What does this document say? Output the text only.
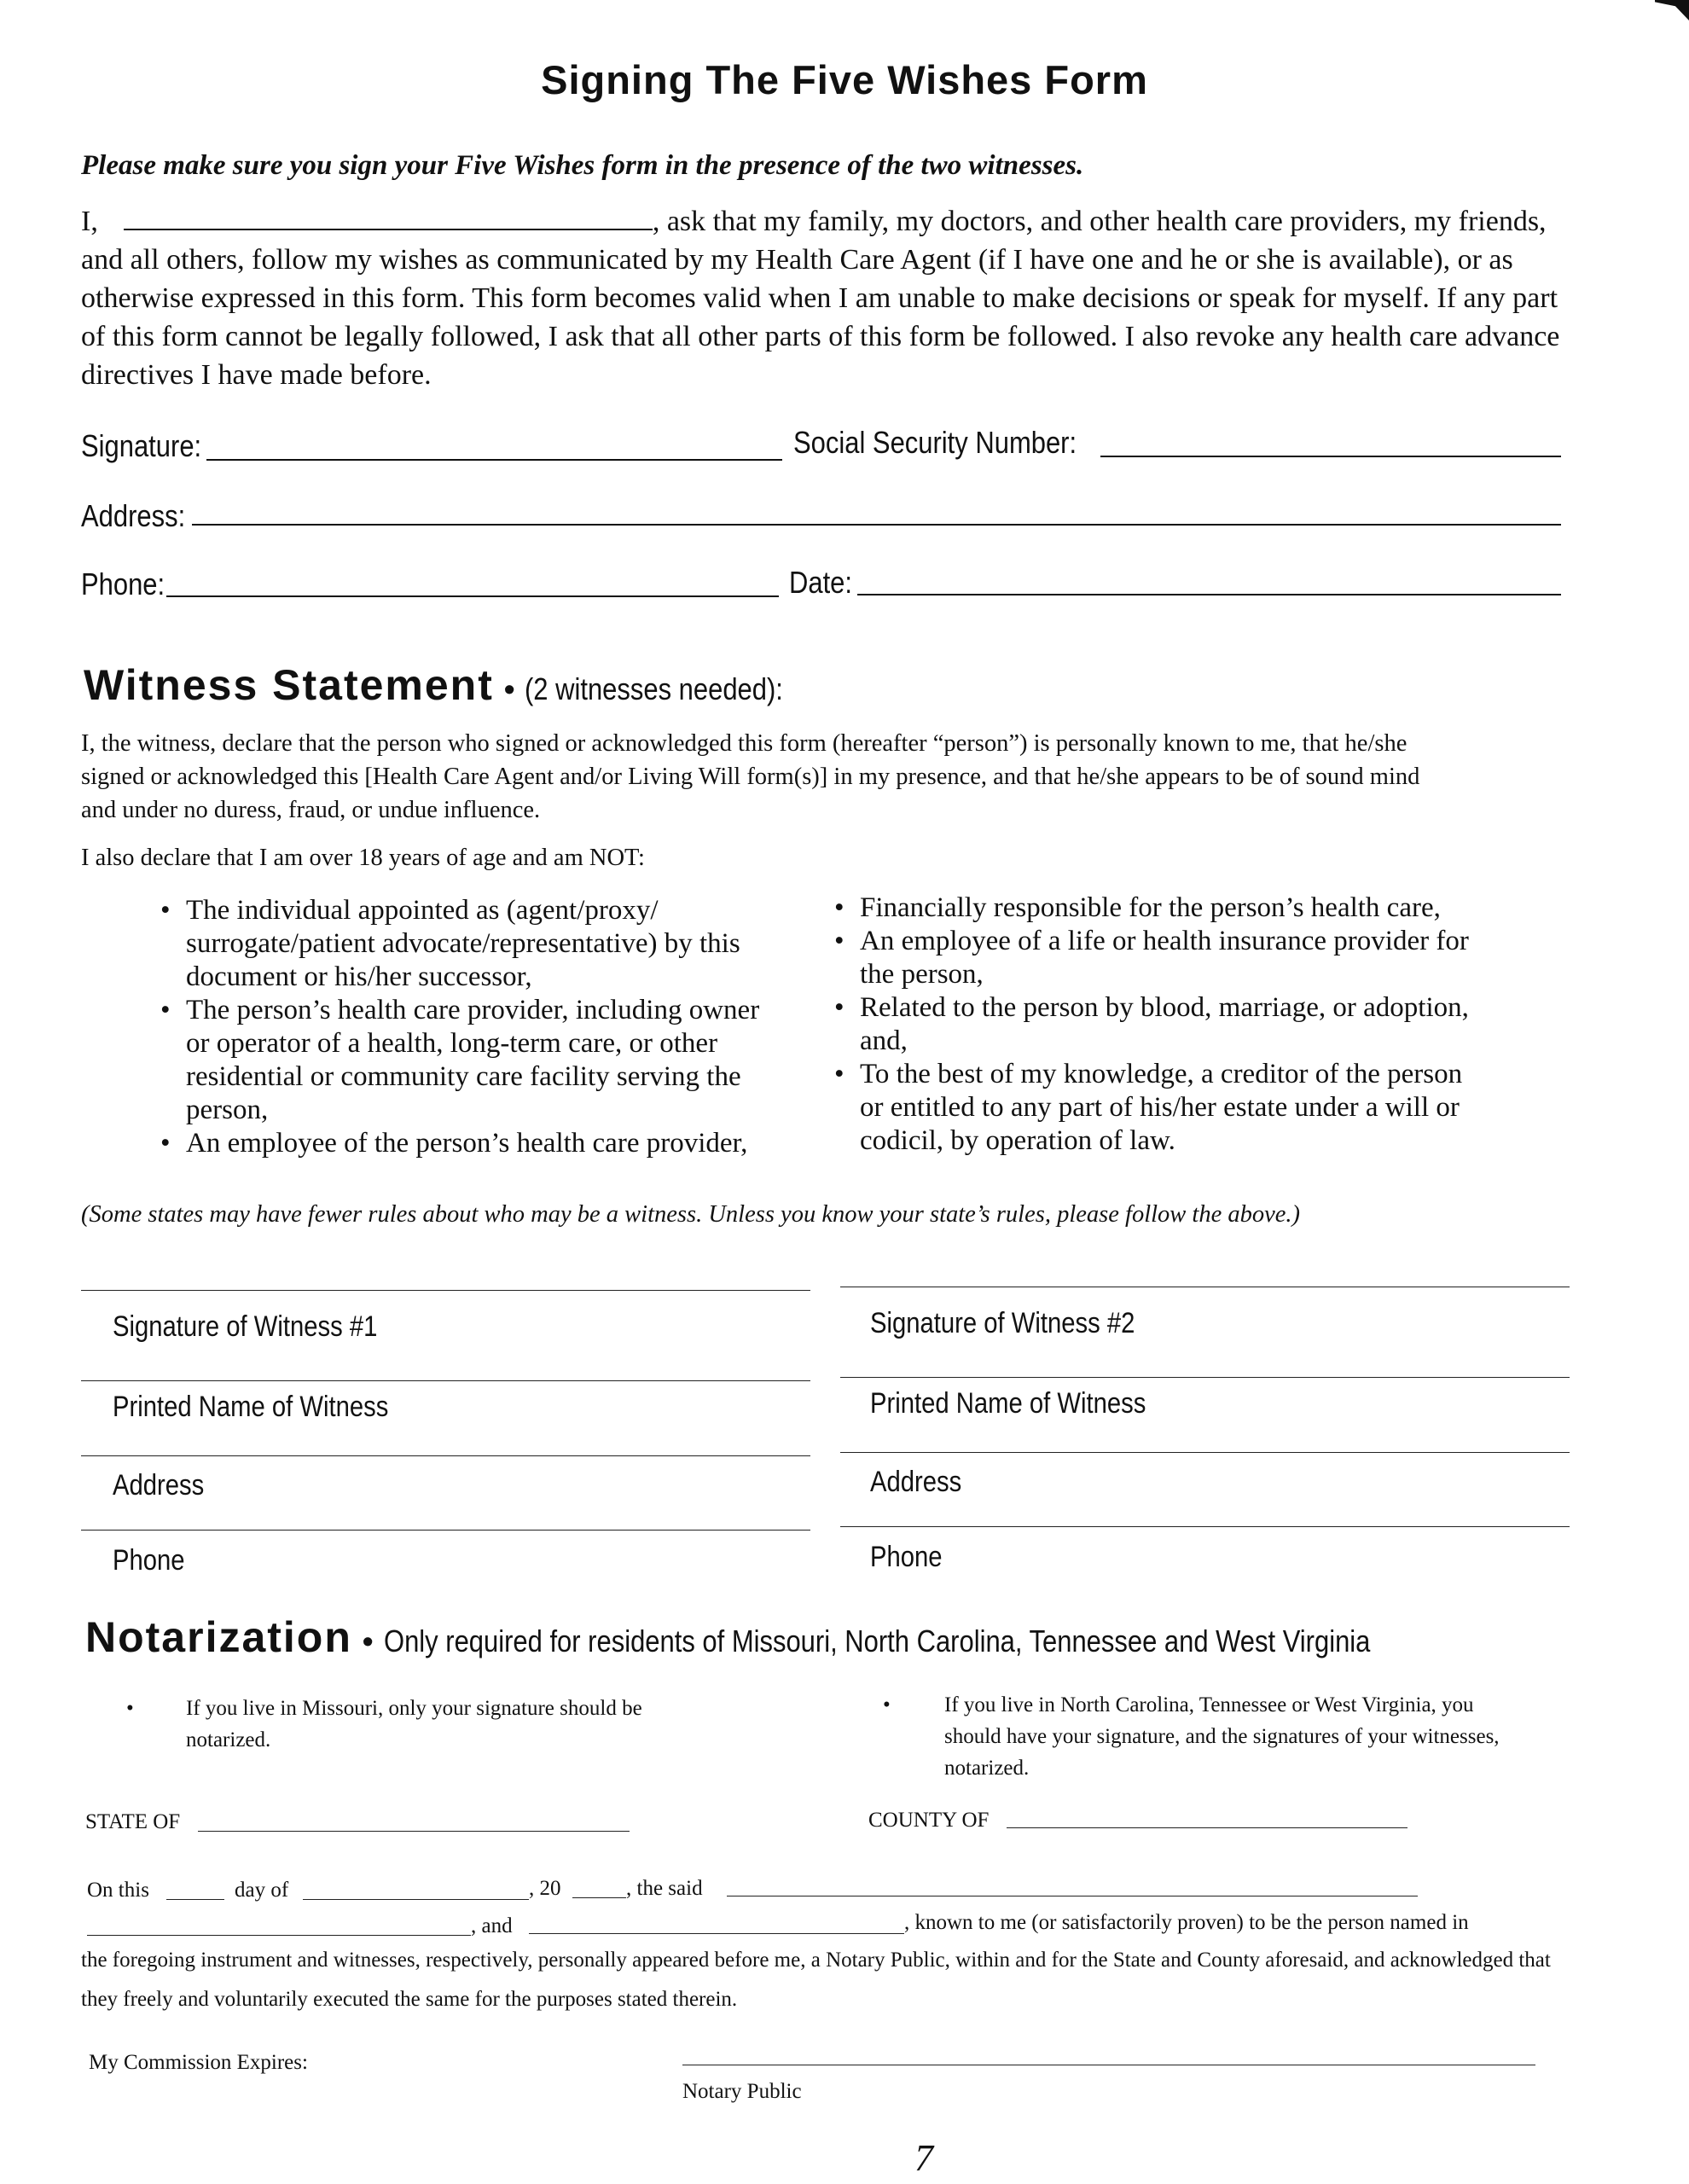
Signing The Five Wishes Form
Please make sure you sign your Five Wishes form in the presence of the two witnesses.
I,	, ask that my family, my doctors, and other health care providers, my friends, and all others, follow my wishes as communicated by my Health Care Agent (if I have one and he or she is available), or as otherwise expressed in this form. This form becomes valid when I am unable to make decisions or speak for myself. If any part of this form cannot be legally followed, I ask that all other parts of this form be followed. I also revoke any health care advance directives I have made before.
Signature:	Social Security Number:
Address:
Phone:	Date:
Witness Statement • (2 witnesses needed):
I, the witness, declare that the person who signed or acknowledged this form (hereafter “person”) is personally known to me, that he/she signed or acknowledged this [Health Care Agent and/or Living Will form(s)] in my presence, and that he/she appears to be of sound mind and under no duress, fraud, or undue influence.
I also declare that I am over 18 years of age and am NOT:
• The individual appointed as (agent/proxy/ surrogate/patient advocate/representative) by this document or his/her successor,
• The person’s health care provider, including owner or operator of a health, long-term care, or other residential or community care facility serving the person,
• An employee of the person’s health care provider,
• Financially responsible for the person’s health care,
• An employee of a life or health insurance provider for the person,
• Related to the person by blood, marriage, or adoption, and,
• To the best of my knowledge, a creditor of the person or entitled to any part of his/her estate under a will or codicil, by operation of law.
(Some states may have fewer rules about who may be a witness. Unless you know your state’s rules, please follow the above.)
Signature of Witness #1
Printed Name of Witness
Address
Phone
Signature of Witness #2
Printed Name of Witness
Address
Phone
Notarization • Only required for residents of Missouri, North Carolina, Tennessee and West Virginia
• If you live in Missouri, only your signature should be notarized.
•	If you live in North Carolina, Tennessee or West Virginia, you should have your signature, and the signatures of your witnesses, notarized.
STATE OF	COUNTY OF
On this	day of	, 20	, the said
, and	, known to me (or satisfactorily proven) to be the person named in
the foregoing instrument and witnesses, respectively, personally appeared before me, a Notary Public, within and for the State and County aforesaid, and acknowledged that they freely and voluntarily executed the same for the purposes stated therein.
My Commission Expires:
Notary Public
7
